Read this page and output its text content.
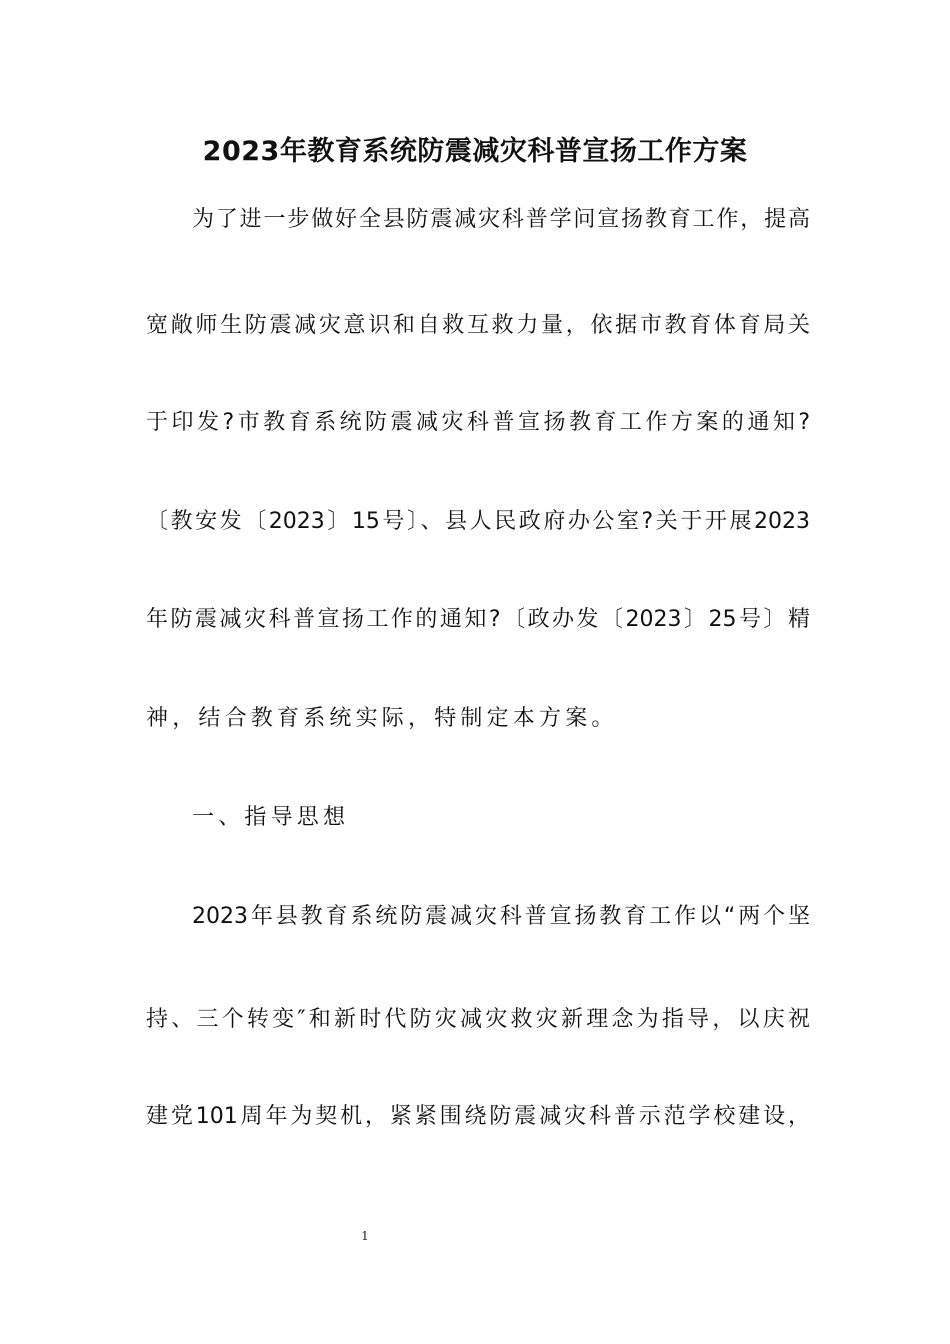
2023年教育系统防震减灾科普宣扬工作方案
为了进一步做好全县防震减灾科普学问宣扬教育工作，提高
宽敞师生防震减灾意识和自救互救力量，依据市教育体育局关
于印发?市教育系统防震减灾科普宣扬教育工作方案的通知?
〔教安发〔2023〕15号〕、县人民政府办公室?关于开展2023
年防震减灾科普宣扬工作的通知?〔政办发〔2023〕25号〕精
神，结合教育系统实际，特制定本方案。
一、指导思想
2023年县教育系统防震减灾科普宣扬教育工作以“两个坚
持、三个转变″和新时代防灾减灾救灾新理念为指导，以庆祝
建党101周年为契机，紧紧围绕防震减灾科普示范学校建设，
1
